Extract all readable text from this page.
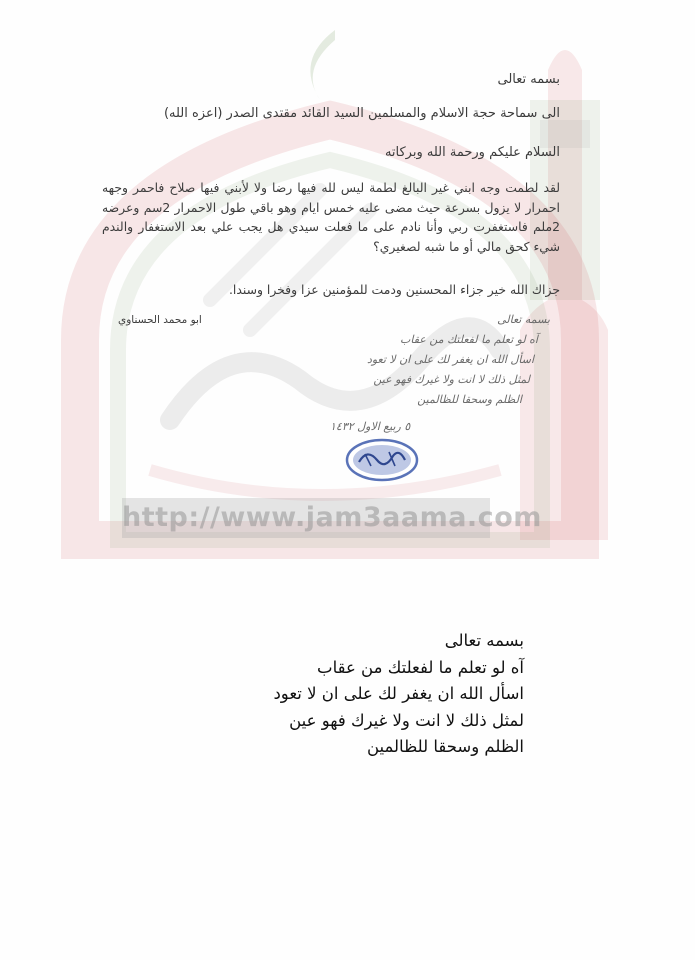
http://www.jam3aama.com
بسمه تعالى
الى سماحة حجة الاسلام والمسلمين السيد القائد مقتدى الصدر (اعزه الله)
السلام عليكم ورحمة الله وبركاته
لقد لطمت وجه ابني غير البالغ لطمة ليس لله فيها رضا ولا لأبني فيها صلاح فاحمر وجهه احمرار لا يزول بسرعة حيث مضى عليه خمس ايام وهو باقي طول الاحمرار 2سم وعرضه 2ملم فاستغفرت ربي وأنا نادم على ما فعلت سيدي هل يجب علي بعد الاستغفار والندم شيء كحق مالي أو ما شبه لصغيري؟
جزاك الله خير جزاء المحسنين ودمت للمؤمنين عزا وفخرا وسندا.
ابو محمد الحسناوي	بسمه تعالى
آه لو تعلم ما لفعلتك من عقاب
اسأل الله ان يغفر لك على ان لا تعود
لمثل ذلك لا انت ولا غيرك فهو عين
الظلم وسحقا للظالمين
٥ ربيع الاول ١٤٣٢
بسمه تعالى
آه لو تعلم ما لفعلتك من عقاب
اسأل الله ان يغفر لك على ان لا تعود
لمثل ذلك لا انت ولا غيرك فهو عين
الظلم وسحقا للظالمين
